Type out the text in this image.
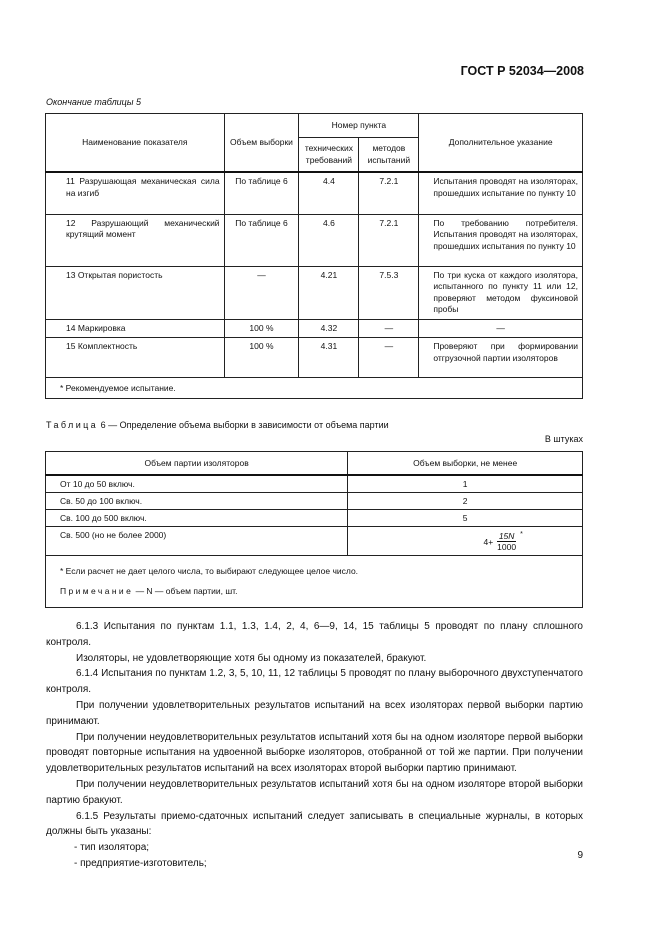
ГОСТ Р 52034—2008
Окончание таблицы 5
Наименование показателя	Объем выборки	Номер пункта		Дополнительное указание
		технических требований	методов испытаний	
11 Разрушающая механическая сила на изгиб	По таблице 6	4.4	7.2.1	Испытания проводят на изоляторах, прошедших испытание по пункту 10
12 Разрушающий механический крутящий момент	По таблице 6	4.6	7.2.1	По требованию потребителя. Испытания проводят на изоляторах, прошедших испытания по пункту 10
13 Открытая пористость	—	4.21	7.5.3	По три куска от каждого изолятора, испытанного по пункту 11 или 12, проверяют методом фуксиновой пробы
14 Маркировка	100 %	4.32	—	—
15 Комплектность	100 %	4.31	—	Проверяют при формировании отгрузочной партии изоляторов
* Рекомендуемое испытание.				
Таблица 6 — Определение объема выборки в зависимости от объема партии
В штуках
Объем партии изоляторов	Объем выборки, не менее
От 10 до 50 включ.	1
Св. 50 до 100 включ.	2
Св. 100 до 500 включ.	5
Св. 500 (но не более 2000)	$4+ \frac{15N}{1000} ^*$

* Если расчет не дает целого числа, то выбирают следующее целое число.
Примечание — N — объем партии, шт.	

6.1.3 Испытания по пунктам 1.1, 1.3, 1.4, 2, 4, 6—9, 14, 15 таблицы 5 проводят по плану сплошного контроля.

Изоляторы, не удовлетворяющие хотя бы одному из показателей, бракуют.

6.1.4 Испытания по пунктам 1.2, 3, 5, 10, 11, 12 таблицы 5 проводят по плану выборочного двухступенчатого контроля.

При получении удовлетворительных результатов испытаний на всех изоляторах первой выборки партию принимают.

При получении неудовлетворительных результатов испытаний хотя бы на одном изоляторе первой выборки проводят повторные испытания на удвоенной выборке изоляторов, отобранной от той же партии. При получении удовлетворительных результатов испытаний на всех изоляторах второй выборки партию принимают.

При получении неудовлетворительных результатов испытаний хотя бы на одном изоляторе второй выборки партию бракуют.

6.1.5 Результаты приемо-сдаточных испытаний следует записывать в специальные журналы, в которых должны быть указаны:

- тип изолятора;

- предприятие-изготовитель;

9
